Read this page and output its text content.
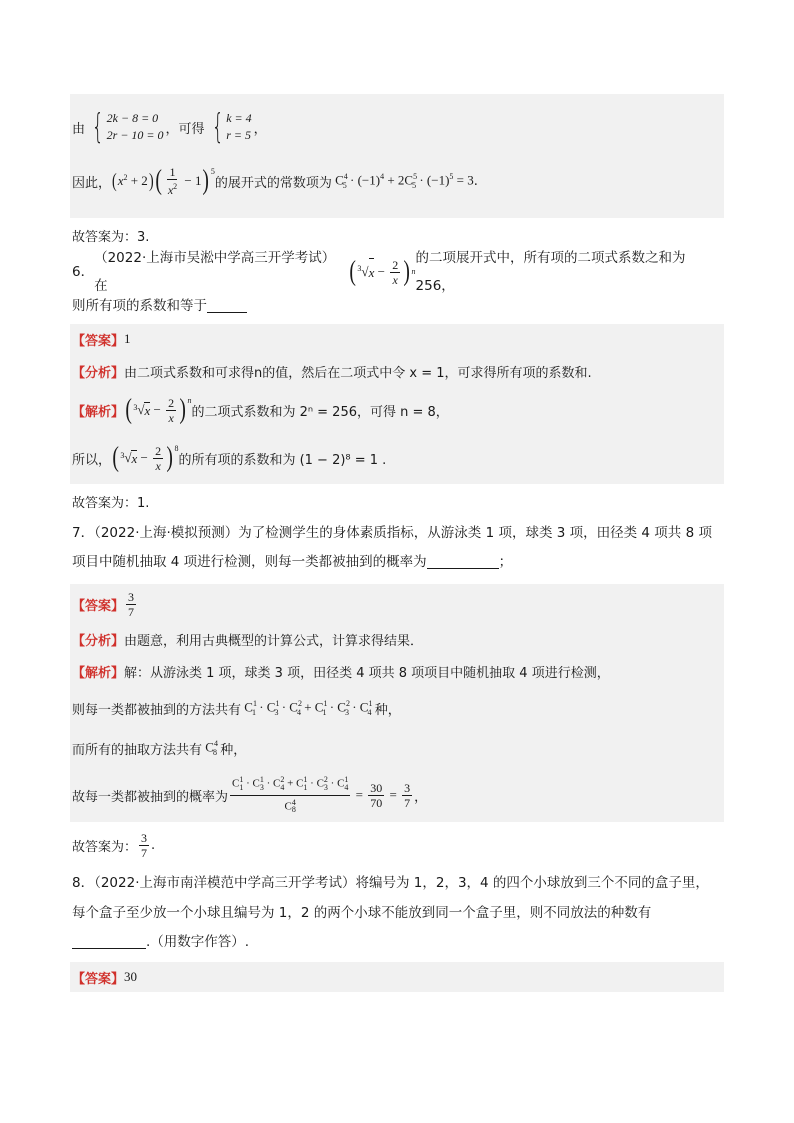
由 { 2k − 8 = 0
2r − 10 = 0 ，可得 { k = 4
r = 5 ，
因此， ( $x^2 + 2$ ) ( $\frac{1}{x^2} - 1$ )$^5$
的展开式的常数项为 $C^4_5 \cdot (-1)^4 + 2C^5_5 \cdot (-1)^5 = 3$ .
故答案为：3.
6．
（2022·上海市吴淞中学高三开学考试）在	($^3$ √ $x - \frac{2}{x}$ ) n
的二项展开式中，所有项的二项式系数之和为256，
则所有项的系数和等于
【答案】 1
【分析】 由二项式系数和可求得n的值，然后在二项式中令 x = 1，可求得所有项的系数和.
【解析】 ($^3$ √ $x - \frac{2}{x} )^n$
的二项式系数和为 2ⁿ = 256，可得 n = 8，
所以， ($^3$ √ $x - \frac{2}{x} )^8$
的所有项的系数和为 (1 − 2)⁸ = 1 .
故答案为：1.
7．（2022·上海·模拟预测）为了检测学生的身体素质指标，从游泳类 1 项，球类 3 项，田径类 4 项共 8 项
项目中随机抽取 4 项进行检测，则每一类都被抽到的概率为	；
【答案】 $\frac{3}{7}$
【分析】 由题意，利用古典概型的计算公式，计算求得结果．
【解析】 解：从游泳类 1 项，球类 3 项，田径类 4 项共 8 项项目中随机抽取 4 项进行检测，
则每一类都被抽到的方法共有 $C^1_1 \cdot C^1_3 \cdot C^2_4 + C^1_1 \cdot C^2_3 \cdot C^1_4$ 种，
而所有的抽取方法共有 $C^4_8$ 种，
故每一类都被抽到的概率为 $\frac{C^1_1 \cdot C^1_3 \cdot C^2_4 + C^1_1 \cdot C^2_3 \cdot C^1_4}{C^4_8} = \frac{30}{70} = \frac{3}{7}$ ，
故答案为： $\frac{3}{7}$ .
8．（2022·上海市南洋模范中学高三开学考试）将编号为 1，2，3，4 的四个小球放到三个不同的盒子里，
每个盒子至少放一个小球且编号为 1，2 的两个小球不能放到同一个盒子里，则不同放法的种数有
.（用数字作答）.
【答案】 30
